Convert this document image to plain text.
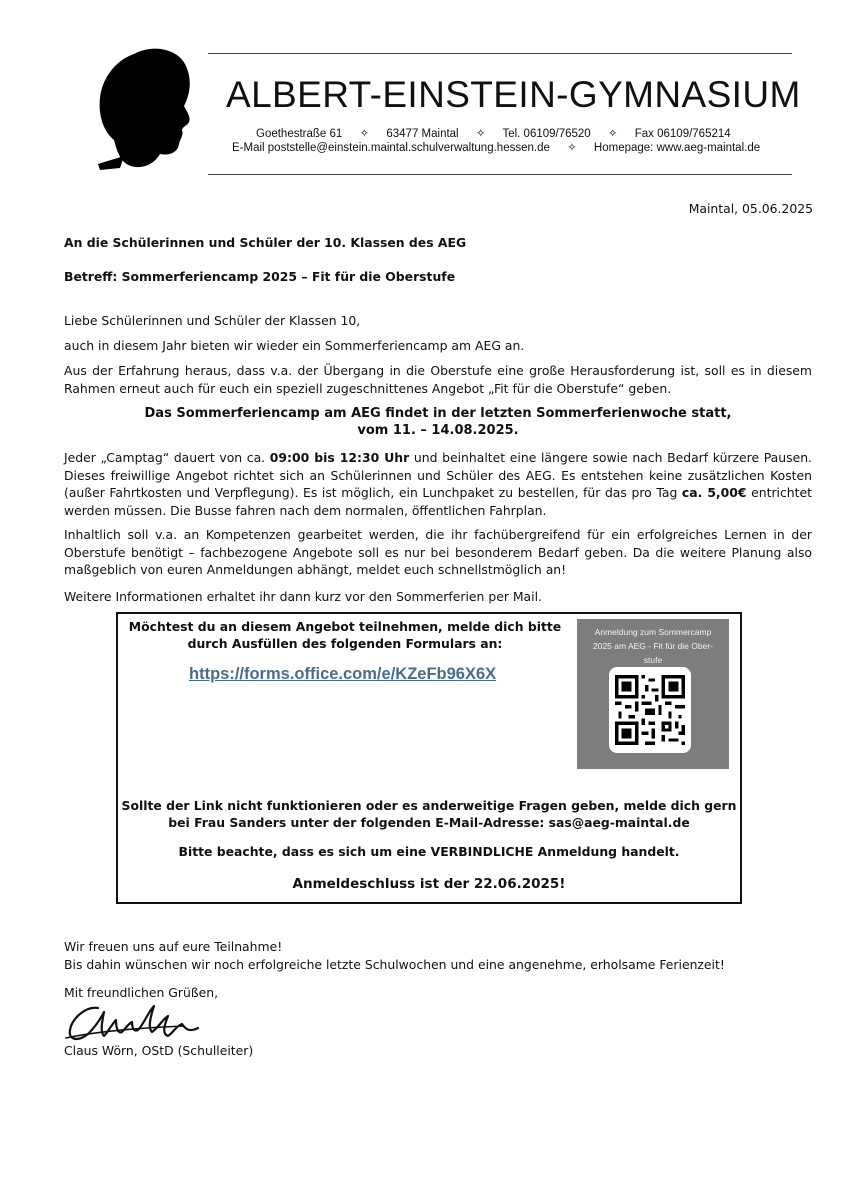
ALBERT-EINSTEIN-GYMNASIUM
Goethestraße 61 ✧ 63477 Maintal ✧ Tel. 06109/76520 ✧ Fax 06109/765214
E-Mail poststelle@einstein.maintal.schulverwaltung.hessen.de ✧ Homepage: www.aeg-maintal.de
Maintal, 05.06.2025
An die Schülerinnen und Schüler der 10. Klassen des AEG
Betreff: Sommerferiencamp 2025 – Fit für die Oberstufe
Liebe Schülerinnen und Schüler der Klassen 10,
auch in diesem Jahr bieten wir wieder ein Sommerferiencamp am AEG an.
Aus der Erfahrung heraus, dass v.a. der Übergang in die Oberstufe eine große Herausforderung ist, soll es in diesem Rahmen erneut auch für euch ein speziell zugeschnittenes Angebot „Fit für die Oberstufe“ geben.
Das Sommerferiencamp am AEG findet in der letzten Sommerferienwoche statt,
vom 11. – 14.08.2025.
Jeder „Camptag“ dauert von ca. 09:00 bis 12:30 Uhr und beinhaltet eine längere sowie nach Bedarf kürzere Pausen. Dieses freiwillige Angebot richtet sich an Schülerinnen und Schüler des AEG. Es entstehen keine zusätzlichen Kosten (außer Fahrtkosten und Verpflegung). Es ist möglich, ein Lunchpaket zu bestellen, für das pro Tag ca. 5,00€ entrichtet werden müssen. Die Busse fahren nach dem normalen, öffentlichen Fahrplan.
Inhaltlich soll v.a. an Kompetenzen gearbeitet werden, die ihr fachübergreifend für ein erfolgreiches Lernen in der Oberstufe benötigt – fachbezogene Angebote soll es nur bei besonderem Bedarf geben. Da die weitere Planung also maßgeblich von euren Anmeldungen abhängt, meldet euch schnellstmöglich an!
Weitere Informationen erhaltet ihr dann kurz vor den Sommerferien per Mail.
Möchtest du an diesem Angebot teilnehmen, melde dich bitte
durch Ausfüllen des folgenden Formulars an:
https://forms.office.com/e/KZeFb96X6X
Anmeldung zum Sommercamp
2025 am AEG - Fit für die Ober-
stufe
Sollte der Link nicht funktionieren oder es anderweitige Fragen geben, melde dich gern
bei Frau Sanders unter der folgenden E-Mail-Adresse: sas@aeg-maintal.de
Bitte beachte, dass es sich um eine VERBINDLICHE Anmeldung handelt.
Anmeldeschluss ist der 22.06.2025!
Wir freuen uns auf eure Teilnahme!
Bis dahin wünschen wir noch erfolgreiche letzte Schulwochen und eine angenehme, erholsame Ferienzeit!
Mit freundlichen Grüßen,
Claus Wörn, OStD (Schulleiter)
